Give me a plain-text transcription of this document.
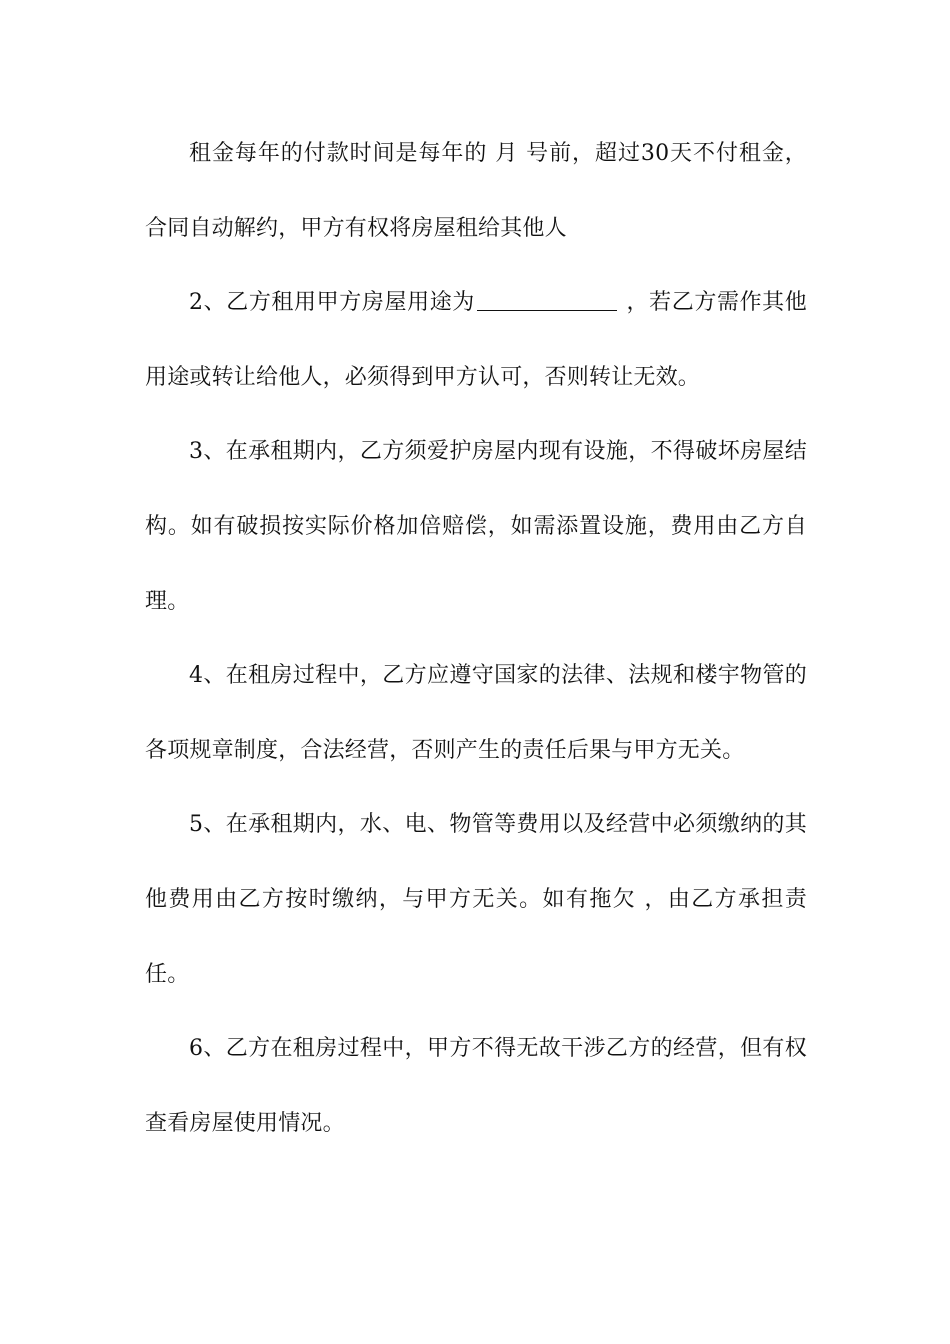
租金每年的付款时间是每年的 月 号前，超过30天不付租金，合同自动解约，甲方有权将房屋租给其他人

2、乙方租用甲方房屋用途为	，若乙方需作其他用途或转让给他人，必须得到甲方认可，否则转让无效。

3、在承租期内，乙方须爱护房屋内现有设施，不得破坏房屋结构。如有破损按实际价格加倍赔偿，如需添置设施，费用由乙方自理。

4、在租房过程中，乙方应遵守国家的法律、法规和楼宇物管的各项规章制度，合法经营，否则产生的责任后果与甲方无关。

5、在承租期内，水、电、物管等费用以及经营中必须缴纳的其他费用由乙方按时缴纳，与甲方无关。如有拖欠 ，由乙方承担责任。

6、乙方在租房过程中，甲方不得无故干涉乙方的经营，但有权查看房屋使用情况。
